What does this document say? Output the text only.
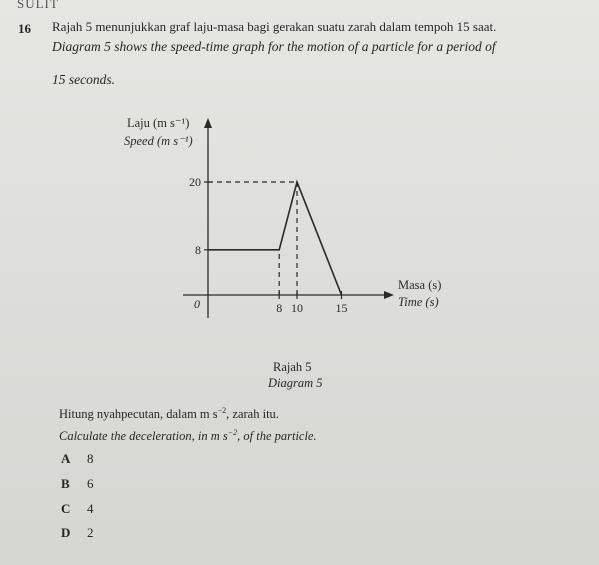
SULIT
16 Rajah 5 menunjukkan graf laju-masa bagi gerakan suatu zarah dalam tempoh 15 saat.
Diagram 5 shows the speed-time graph for the motion of a particle for a period of
15 seconds.
8
20
8 10	15
0
Laju (m s⁻¹)
Speed (m s⁻¹)
Masa (s)
Time (s)
Rajah 5
Diagram 5
Hitung nyahpecutan, dalam m $s^{-2}$, zarah itu.
Calculate the deceleration, in m $s^{-2}$, of the particle.
A 8
B 6
C 4
D 2
